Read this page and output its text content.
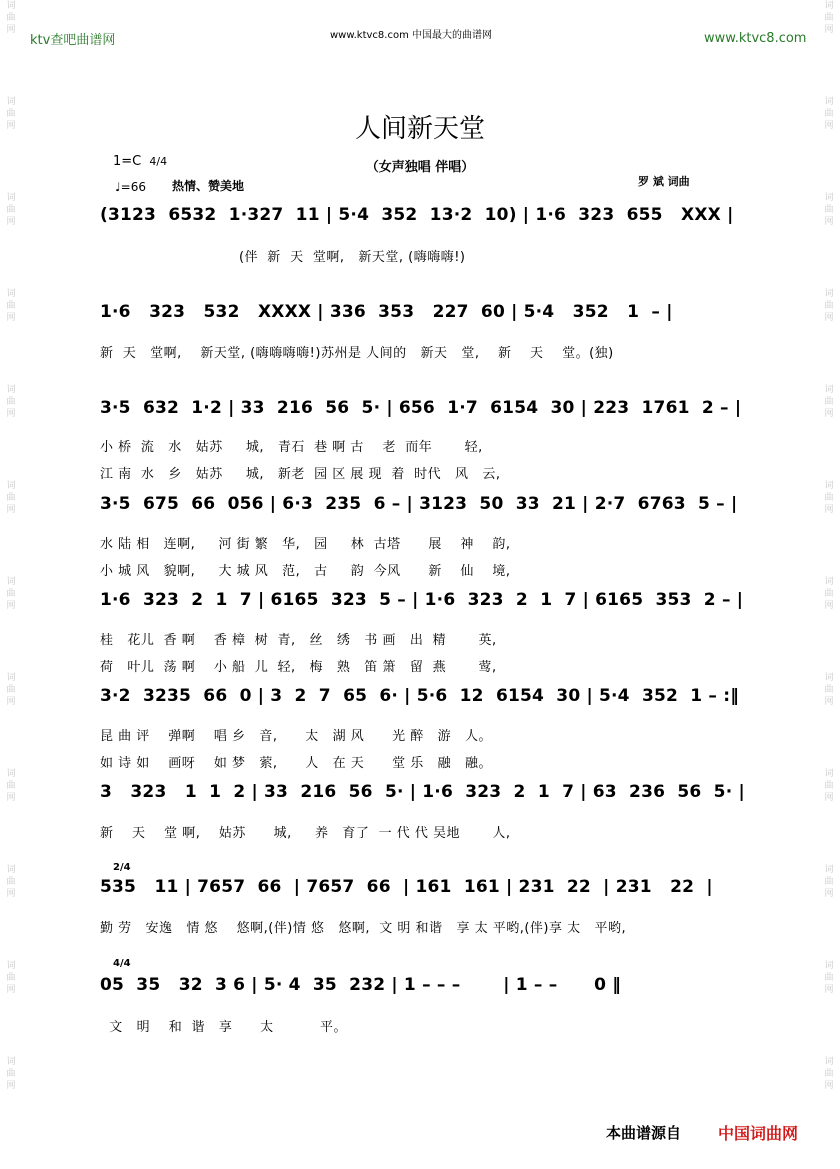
词
曲
网

词
曲
网

词
曲
网

词
曲
网

词
曲
网

词
曲
网

词
曲
网

词
曲
网

词
曲
网

词
曲
网

词
曲
网

词
曲
网
词
曲
网

词
曲
网

词
曲
网

词
曲
网

词
曲
网

词
曲
网

词
曲
网

词
曲
网

词
曲
网

词
曲
网

词
曲
网

词
曲
网
ktv查吧曲谱网	www.ktvc8.com 中国最大的曲谱网	www.ktvc8.com
人间新天堂
（女声独唱 伴唱）
1=C 4/4
♩=66 热情、赞美地	罗 斌 词曲
(3123  6532  1·327  11 | 5·4  352  13·2  10) | 1·6  323  655   XXX |
(伴  新  天  堂啊,   新天堂, (嗨嗨嗨!)
1·6   323   532   XXXX | 336  353   227  60 | 5·4   352   1  – |
新  天   堂啊,    新天堂, (嗨嗨嗨嗨!)苏州是 人间的   新天   堂,    新    天    堂。(独)
3·5  632  1·2 | 33  216  56  5· | 656  1·7  6154  30 | 223  1761  2 – |
小 桥  流   水   姑苏     城,   青石  巷 啊 古    老  而年       轻,
江 南  水   乡   姑苏     城,   新老  园 区 展 现  着  时代   风   云,
3·5  675  66  056 | 6·3  235  6 – | 3123  50  33  21 | 2·7  6763  5 – |
水 陆 相   连啊,     河 街 繁   华,   园     林  古塔      展    神    韵,
小 城 风   貌啊,     大 城 风   范,   古     韵  今风      新    仙    境,
1·6  323  2  1  7 | 6165  323  5 – | 1·6  323  2  1  7 | 6165  353  2 – |
桂   花儿  香 啊    香 樟  树  青,   丝   绣   书 画   出  精       英,
荷   叶儿  荡 啊    小 船  儿  轻,   梅   熟   笛 箫   留  燕       莺,
3·2  3235  66  0 | 3  2  7  65  6· | 5·6  12  6154  30 | 5·4  352  1 – :‖
昆 曲 评    弹啊    唱 乡   音,      太   湖 风      光 醉   游   人。
如 诗 如    画呀    如 梦   萦,      人   在 天      堂 乐   融   融。
3   323   1  1  2 | 33  216  56  5· | 1·6  323  2  1  7 | 63  236  56  5· |
新    天    堂 啊,    姑苏      城,     养   育了  一 代 代 吴地       人,
2/4
535   11 | 7657  66  | 7657  66  | 161  161 | 231  22  | 231   22  |
勤 劳   安逸   情 悠    悠啊,(伴)情 悠   悠啊,  文 明 和谐   享 太 平哟,(伴)享 太   平哟,
4/4
05  35   32  3 6 | 5· 4  35  232 | 1 – – –       | 1 – –      0 ‖
文   明    和  谐   享      太          平。
本曲谱源自 中国词曲网
